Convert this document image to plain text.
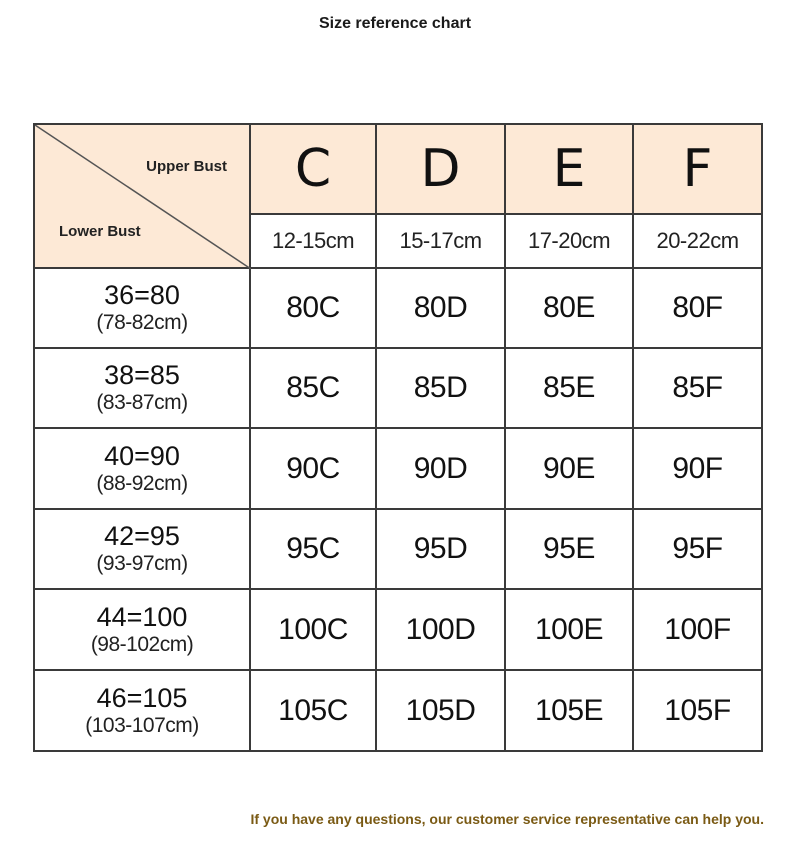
Size reference chart
Upper Bust
Lower Bust	C	D	E	F
	12-15cm	15-17cm	17-20cm	20-22cm

36=80
(78-82cm)	80C	80D	80E	80F

38=85
(83-87cm)	85C	85D	85E	85F

40=90
(88-92cm)	90C	90D	90E	90F

42=95
(93-97cm)	95C	95D	95E	95F

44=100
(98-102cm)	100C	100D	100E	100F

46=105
(103-107cm)	105C	105D	105E	105F
If you have any questions, our customer service representative can help you.
